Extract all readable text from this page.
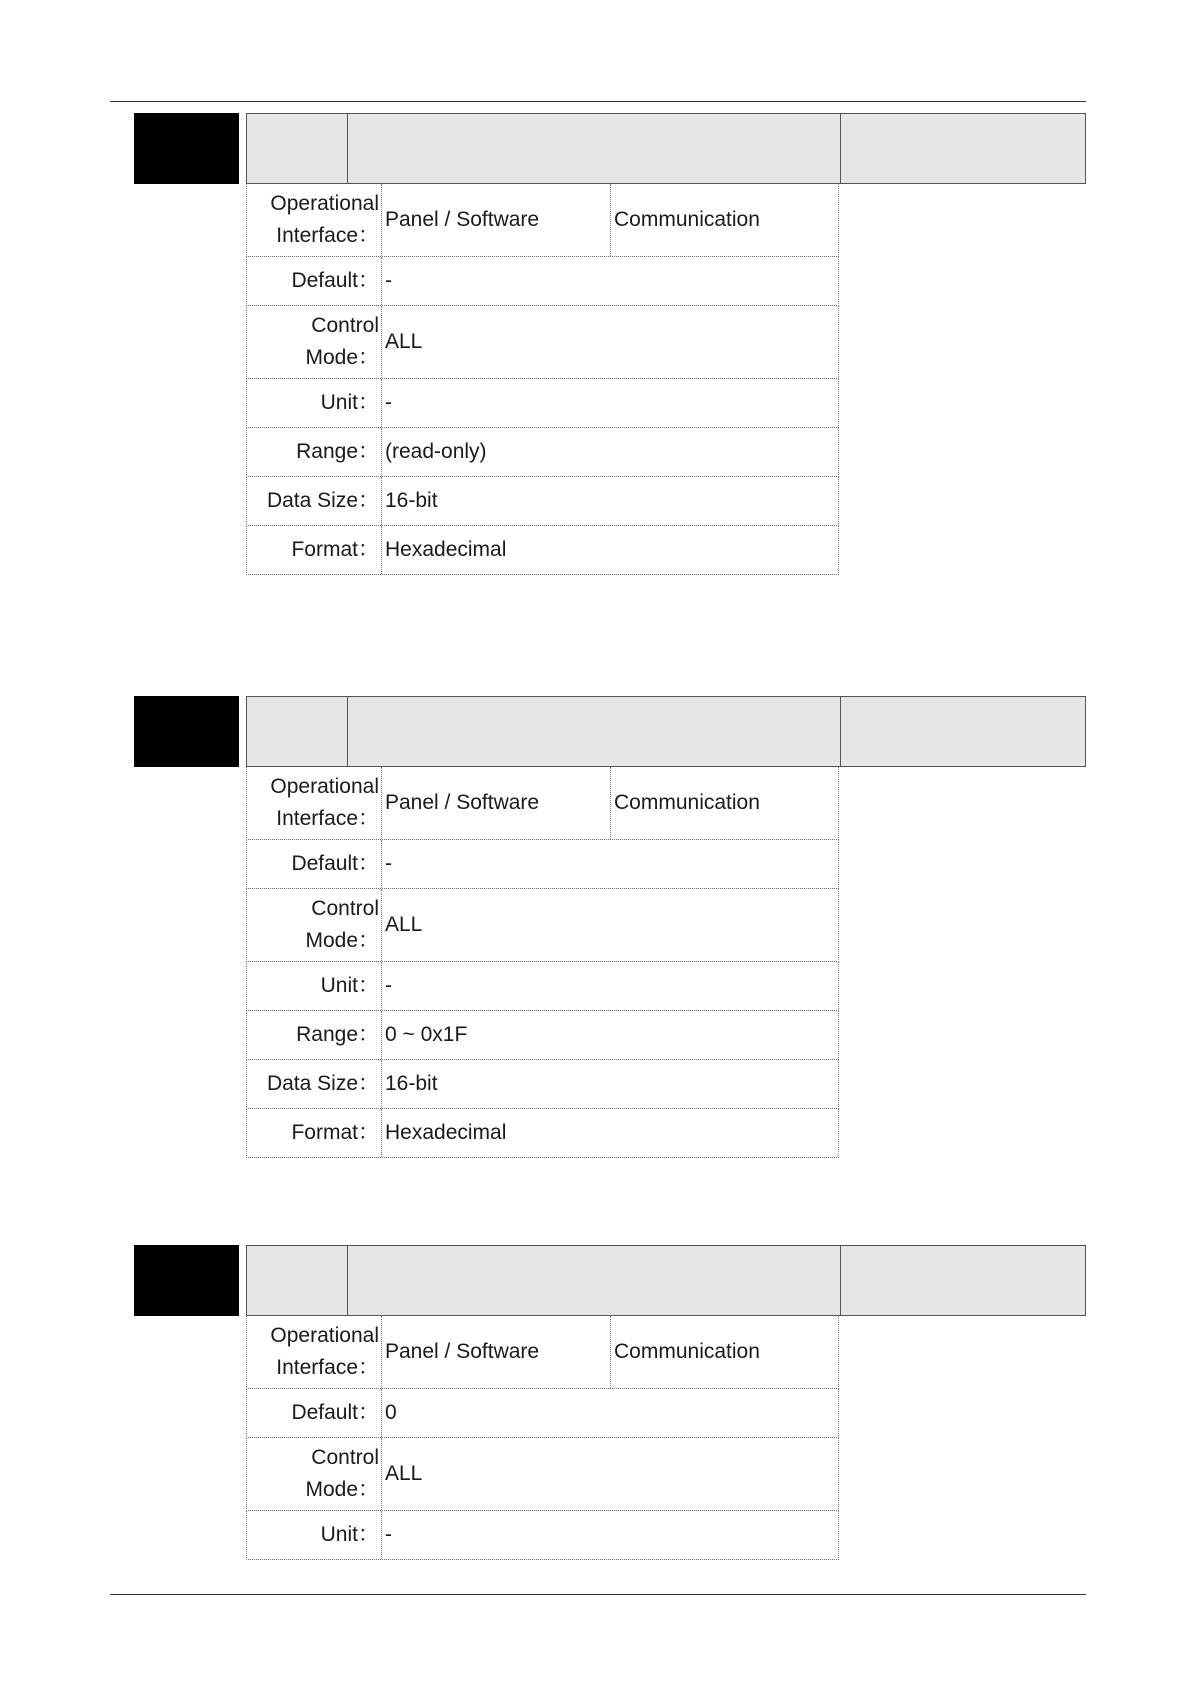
Operational
Interface：
Panel / Software	Communication
Default： -
Control
Mode：
ALL
Unit： -
Range： (read-only)
Data Size： 16-bit
Format： Hexadecimal
Operational
Interface：
Panel / Software	Communication
Default： -
Control
Mode：
ALL
Unit： -
Range： 0 ~ 0x1F
Data Size： 16-bit
Format： Hexadecimal
Operational
Interface：
Panel / Software	Communication
Default： 0
Control
Mode：
ALL
Unit： -
